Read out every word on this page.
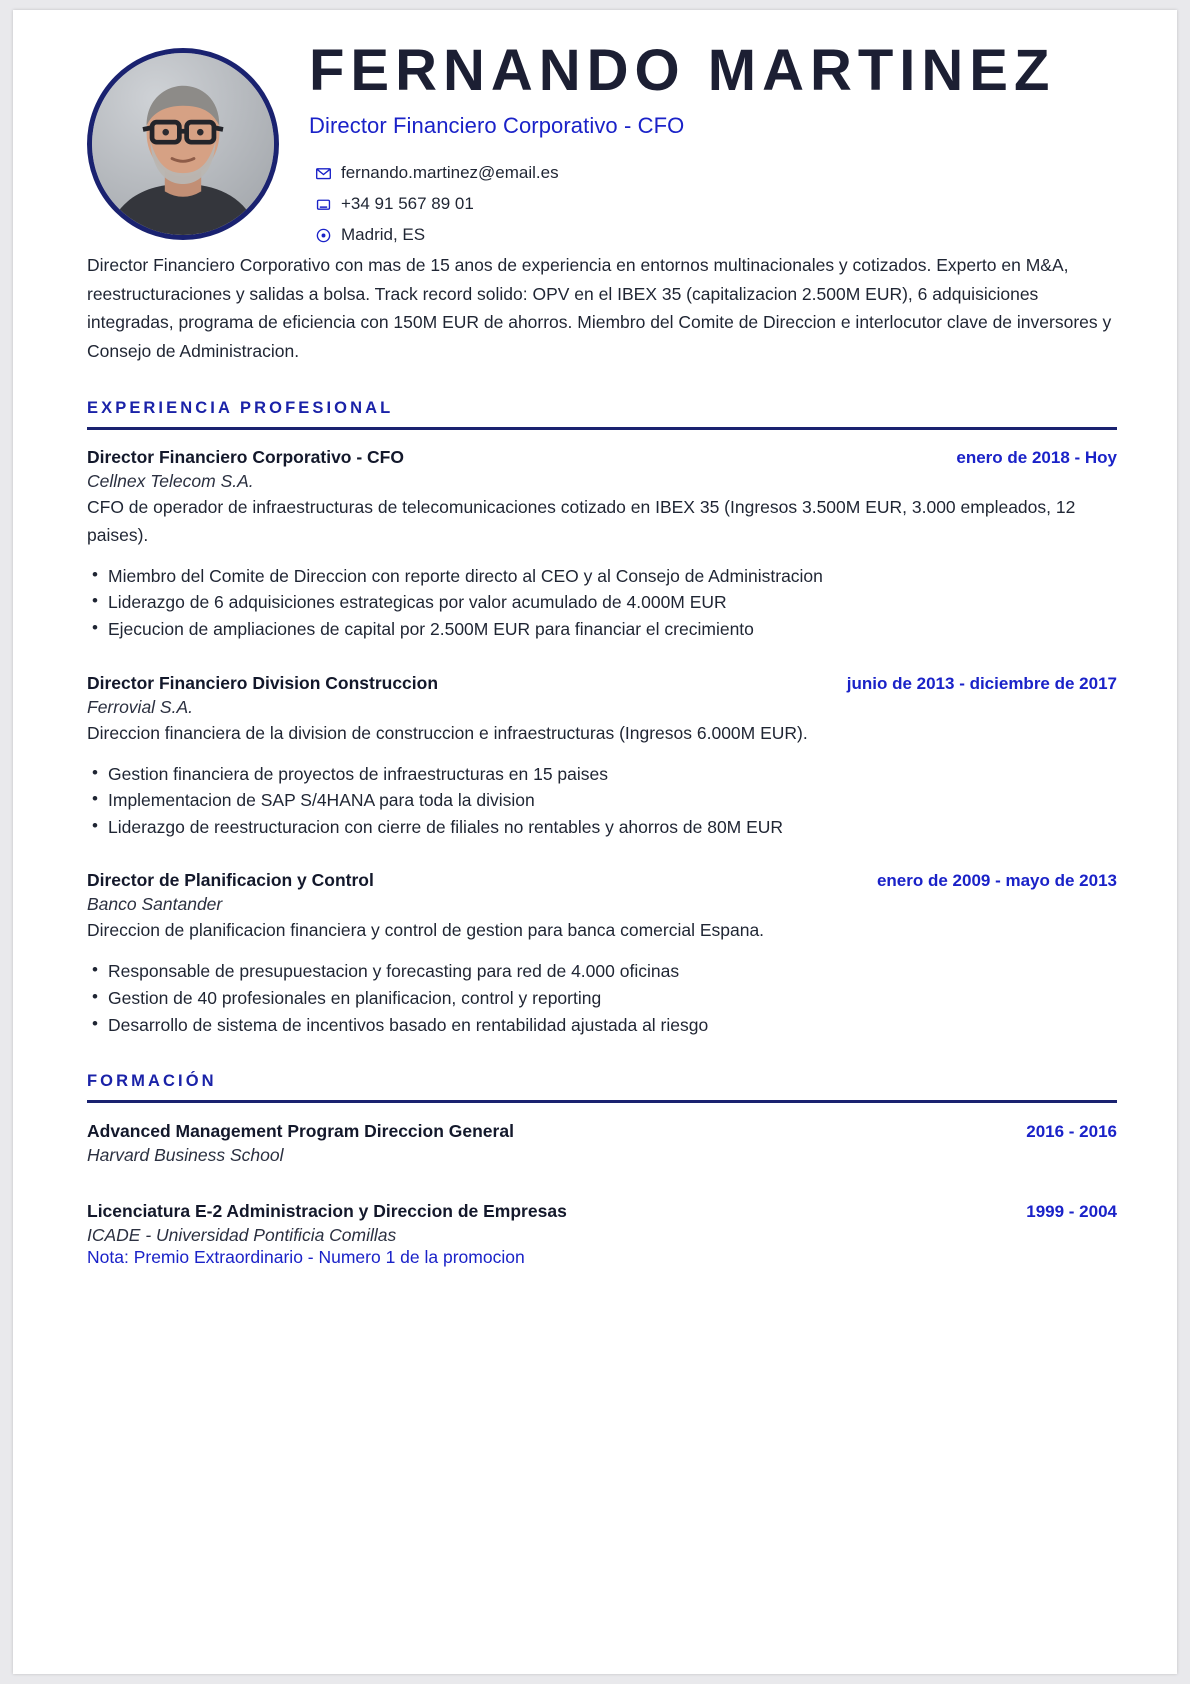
FERNANDO MARTINEZ
Director Financiero Corporativo - CFO
fernando.martinez@email.es
+34 91 567 89 01
Madrid, ES
Director Financiero Corporativo con mas de 15 anos de experiencia en entornos multinacionales y cotizados. Experto en M&A, reestructuraciones y salidas a bolsa. Track record solido: OPV en el IBEX 35 (capitalizacion 2.500M EUR), 6 adquisiciones integradas, programa de eficiencia con 150M EUR de ahorros. Miembro del Comite de Direccion e interlocutor clave de inversores y Consejo de Administracion.
EXPERIENCIA PROFESIONAL
Director Financiero Corporativo - CFO	enero de 2018 - Hoy
Cellnex Telecom S.A.
CFO de operador de infraestructuras de telecomunicaciones cotizado en IBEX 35 (Ingresos 3.500M EUR, 3.000 empleados, 12 paises).
• Miembro del Comite de Direccion con reporte directo al CEO y al Consejo de Administracion
• Liderazgo de 6 adquisiciones estrategicas por valor acumulado de 4.000M EUR
• Ejecucion de ampliaciones de capital por 2.500M EUR para financiar el crecimiento
Director Financiero Division Construccion	junio de 2013 - diciembre de 2017
Ferrovial S.A.
Direccion financiera de la division de construccion e infraestructuras (Ingresos 6.000M EUR).
• Gestion financiera de proyectos de infraestructuras en 15 paises
• Implementacion de SAP S/4HANA para toda la division
• Liderazgo de reestructuracion con cierre de filiales no rentables y ahorros de 80M EUR
Director de Planificacion y Control	enero de 2009 - mayo de 2013
Banco Santander
Direccion de planificacion financiera y control de gestion para banca comercial Espana.
• Responsable de presupuestacion y forecasting para red de 4.000 oficinas
• Gestion de 40 profesionales en planificacion, control y reporting
• Desarrollo de sistema de incentivos basado en rentabilidad ajustada al riesgo
FORMACIÓN
Advanced Management Program Direccion General	2016 - 2016
Harvard Business School
Licenciatura E-2 Administracion y Direccion de Empresas	1999 - 2004
ICADE - Universidad Pontificia Comillas
Nota: Premio Extraordinario - Numero 1 de la promocion
